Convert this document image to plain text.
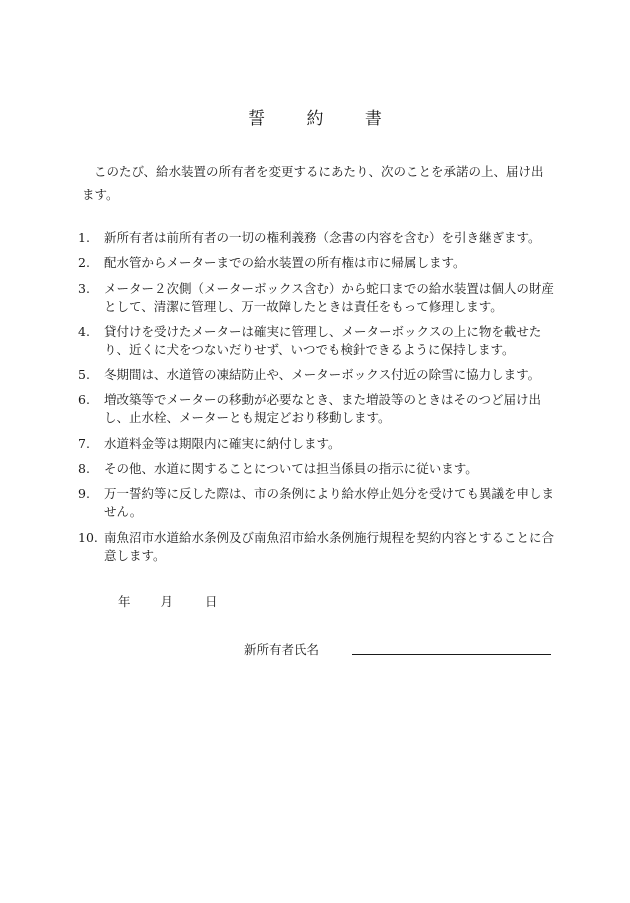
誓 約 書

このたび、給水装置の所有者を変更するにあたり、次のことを承諾の上、届け出ます。

1. 新所有者は前所有者の一切の権利義務（念書の内容を含む）を引き継ぎます。
2. 配水管からメーターまでの給水装置の所有権は市に帰属します。
3. メーター２次側（メーターボックス含む）から蛇口までの給水装置は個人の財産として、清潔に管理し、万一故障したときは責任をもって修理します。
4. 貸付けを受けたメーターは確実に管理し、メーターボックスの上に物を載せたり、近くに犬をつないだりせず、いつでも検針できるように保持します。
5. 冬期間は、水道管の凍結防止や、メーターボックス付近の除雪に協力します。
6. 増改築等でメーターの移動が必要なとき、また増設等のときはそのつど届け出し、止水栓、メーターとも規定どおり移動します。
7. 水道料金等は期限内に確実に納付します。
8. その他、水道に関することについては担当係員の指示に従います。
9. 万一誓約等に反した際は、市の条例により給水停止処分を受けても異議を申しません。
10. 南魚沼市水道給水条例及び南魚沼市給水条例施行規程を契約内容とすることに合意します。
年 月	日
新所有者氏名
